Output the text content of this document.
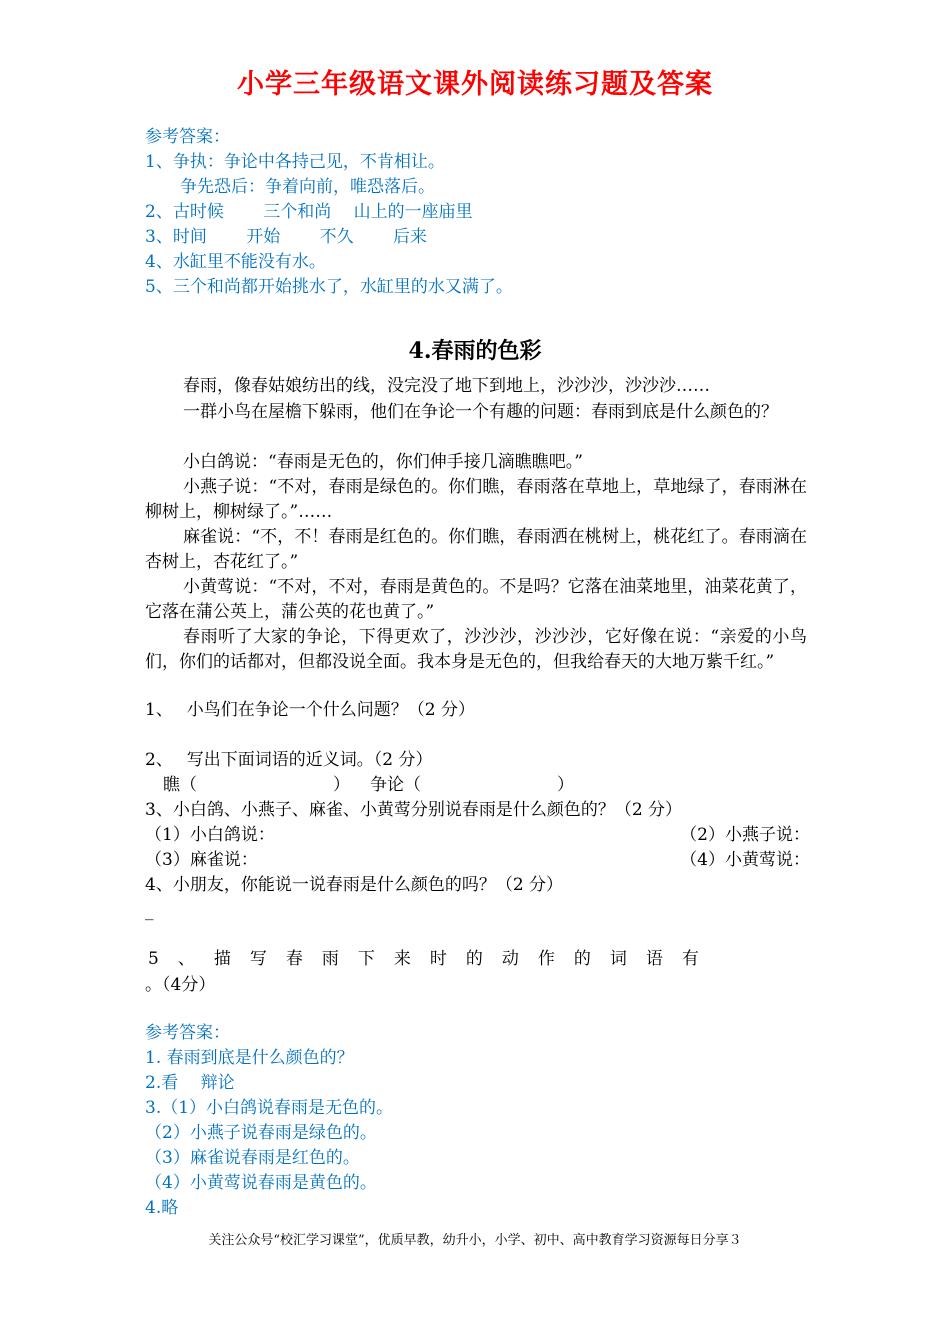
小学三年级语文课外阅读练习题及答案
参考答案：
1、争执：争论中各持己见，不肯相让。
争先恐后：争着向前，唯恐落后。
2、古时候　　 三个和尚　 山上的一座庙里
3、时间　　 开始　　 不久　　 后来
4、水缸里不能没有水。
5、三个和尚都开始挑水了，水缸里的水又满了。
4.春雨的色彩
春雨，像春姑娘纺出的线，没完没了地下到地上，沙沙沙，沙沙沙……
一群小鸟在屋檐下躲雨，他们在争论一个有趣的问题：春雨到底是什么颜色的？
小白鸽说：“春雨是无色的，你们伸手接几滴瞧瞧吧。”
小燕子说：“不对，春雨是绿色的。你们瞧，春雨落在草地上，草地绿了，春雨淋在柳树上，柳树绿了。”……
麻雀说：“不，不！春雨是红色的。你们瞧，春雨洒在桃树上，桃花红了。春雨滴在杏树上，杏花红了。”
小黄莺说：“不对，不对，春雨是黄色的。不是吗？它落在油菜地里，油菜花黄了，它落在蒲公英上，蒲公英的花也黄了。”
春雨听了大家的争论，下得更欢了，沙沙沙，沙沙沙，它好像在说：“亲爱的小鸟们，你们的话都对，但都没说全面。我本身是无色的，但我给春天的大地万紫千红。”
1、　 小鸟们在争论一个什么问题？（2 分）
2、　 写出下面词语的近义词。（2 分）
瞧（　　　　　　　　） 争论（　　　　　　　　）
3、小白鸽、小燕子、麻雀、小黄莺分别说春雨是什么颜色的？（2 分）
（1）小白鸽说：	（2）小燕子说：
（3）麻雀说：	（4）小黄莺说：
4、小朋友，你能说一说春雨是什么颜色的吗？（2 分）
_
5、描写春雨下来时的动作的词语有
。（4分）
参考答案：
1. 春雨到底是什么颜色的？
2.看　 辩论
3.（1）小白鸽说春雨是无色的。
（2）小燕子说春雨是绿色的。
（3）麻雀说春雨是红色的。
（4）小黄莺说春雨是黄色的。
4.略
关注公众号“校汇学习课堂”，优质早教，幼升小，小学、初中、高中教育学习资源每日分享３
